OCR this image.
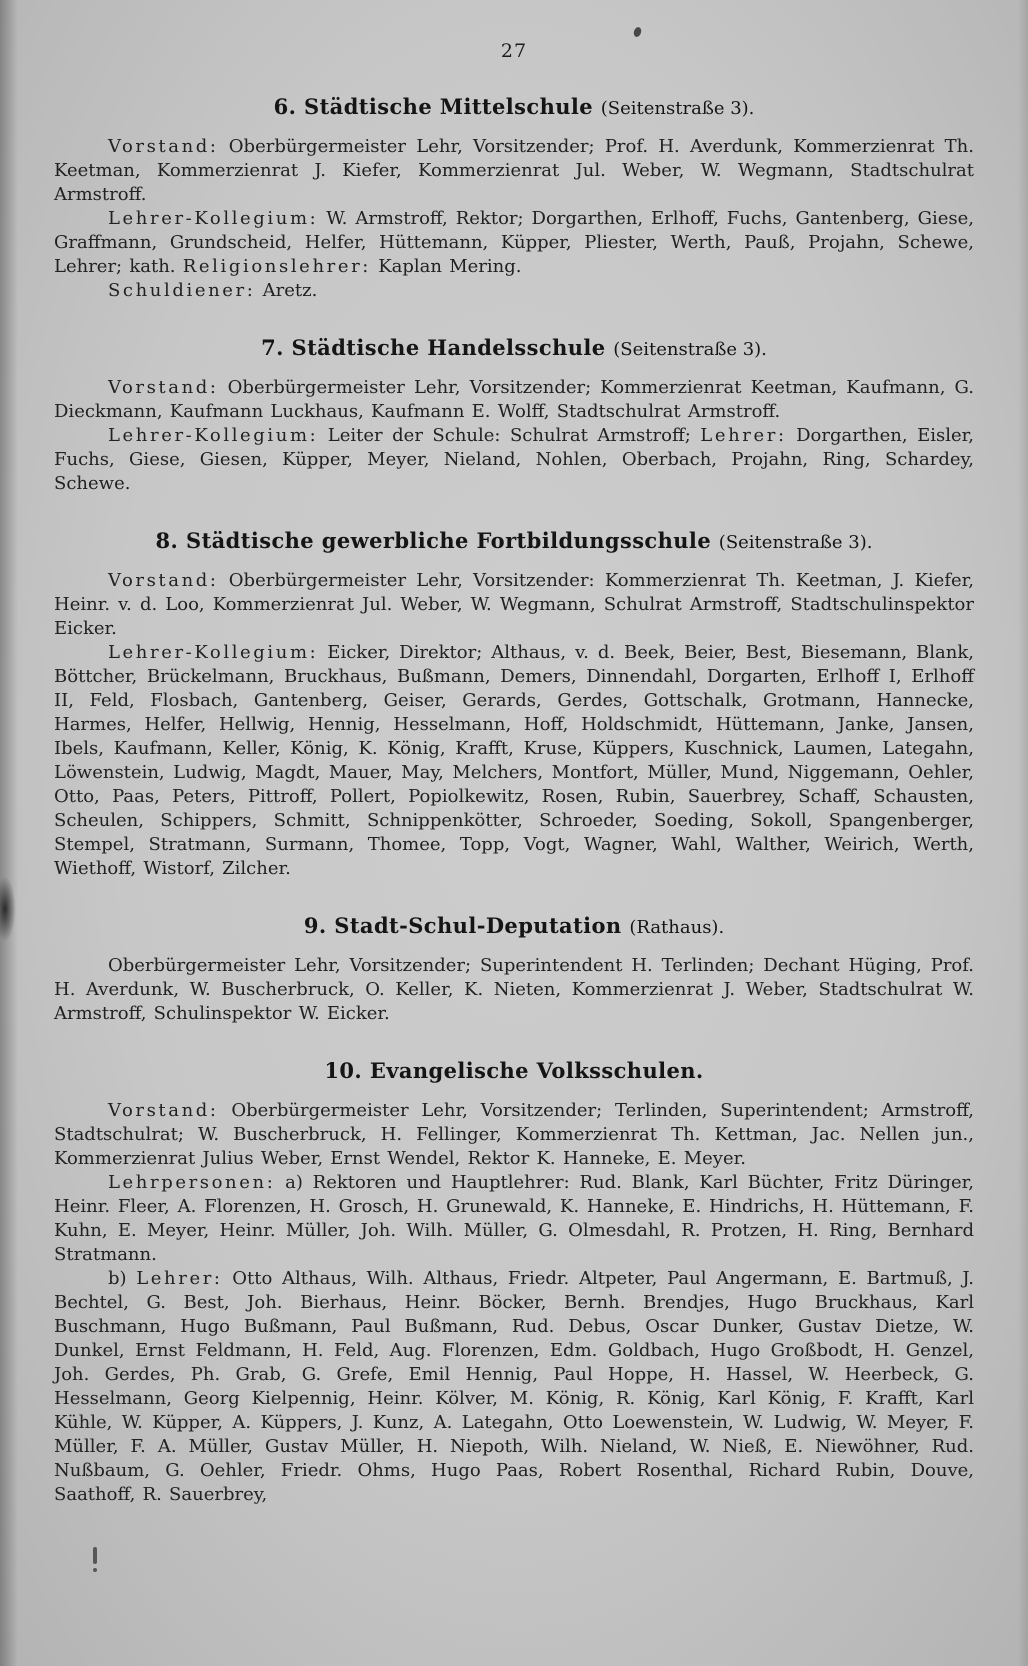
27
6. Städtische Mittelschule (Seitenstraße 3).

Vorstand: Oberbürgermeister Lehr, Vorsitzender; Prof. H. Averdunk, Kommerzienrat Th. Keetman, Kommerzienrat J. Kiefer, Kommerzienrat Jul. Weber, W. Wegmann, Stadtschulrat Armstroff.

Lehrer-Kollegium: W. Armstroff, Rektor; Dorgarthen, Erlhoff, Fuchs, Gantenberg, Giese, Graffmann, Grundscheid, Helfer, Hüttemann, Küpper, Pliester, Werth, Pauß, Projahn, Schewe, Lehrer; kath. Religionslehrer: Kaplan Mering.

Schuldiener: Aretz.

7. Städtische Handelsschule (Seitenstraße 3).

Vorstand: Oberbürgermeister Lehr, Vorsitzender; Kommerzienrat Keetman, Kaufmann, G. Dieckmann, Kaufmann Luckhaus, Kaufmann E. Wolff, Stadtschulrat Armstroff.

Lehrer-Kollegium: Leiter der Schule: Schulrat Armstroff; Lehrer: Dorgarthen, Eisler, Fuchs, Giese, Giesen, Küpper, Meyer, Nieland, Nohlen, Oberbach, Projahn, Ring, Schardey, Schewe.

8. Städtische gewerbliche Fortbildungsschule (Seitenstraße 3).

Vorstand: Oberbürgermeister Lehr, Vorsitzender: Kommerzienrat Th. Keetman, J. Kiefer, Heinr. v. d. Loo, Kommerzienrat Jul. Weber, W. Wegmann, Schulrat Armstroff, Stadtschulinspektor Eicker.

Lehrer-Kollegium: Eicker, Direktor; Althaus, v. d. Beek, Beier, Best, Biesemann, Blank, Böttcher, Brückelmann, Bruckhaus, Bußmann, Demers, Dinnendahl, Dorgarten, Erlhoff I, Erlhoff II, Feld, Flosbach, Gantenberg, Geiser, Gerards, Gerdes, Gottschalk, Grotmann, Hannecke, Harmes, Helfer, Hellwig, Hennig, Hesselmann, Hoff, Holdschmidt, Hüttemann, Janke, Jansen, Ibels, Kaufmann, Keller, König, K. König, Krafft, Kruse, Küppers, Kuschnick, Laumen, Lategahn, Löwenstein, Ludwig, Magdt, Mauer, May, Melchers, Montfort, Müller, Mund, Niggemann, Oehler, Otto, Paas, Peters, Pittroff, Pollert, Popiolkewitz, Rosen, Rubin, Sauerbrey, Schaff, Schausten, Scheulen, Schippers, Schmitt, Schnippenkötter, Schroeder, Soeding, Sokoll, Spangenberger, Stempel, Stratmann, Surmann, Thomee, Topp, Vogt, Wagner, Wahl, Walther, Weirich, Werth, Wiethoff, Wistorf, Zilcher.

9. Stadt-Schul-Deputation (Rathaus).

Oberbürgermeister Lehr, Vorsitzender; Superintendent H. Terlinden; Dechant Hüging, Prof. H. Averdunk, W. Buscherbruck, O. Keller, K. Nieten, Kommerzienrat J. Weber, Stadtschulrat W. Armstroff, Schulinspektor W. Eicker.

10. Evangelische Volksschulen.

Vorstand: Oberbürgermeister Lehr, Vorsitzender; Terlinden, Superintendent; Armstroff, Stadtschulrat; W. Buscherbruck, H. Fellinger, Kommerzienrat Th. Kettman, Jac. Nellen jun., Kommerzienrat Julius Weber, Ernst Wendel, Rektor K. Hanneke, E. Meyer.

Lehrpersonen: a) Rektoren und Hauptlehrer: Rud. Blank, Karl Büchter, Fritz Düringer, Heinr. Fleer, A. Florenzen, H. Grosch, H. Grunewald, K. Hanneke, E. Hindrichs, H. Hüttemann, F. Kuhn, E. Meyer, Heinr. Müller, Joh. Wilh. Müller, G. Olmesdahl, R. Protzen, H. Ring, Bernhard Stratmann.

b) Lehrer: Otto Althaus, Wilh. Althaus, Friedr. Altpeter, Paul Angermann, E. Bartmuß, J. Bechtel, G. Best, Joh. Bierhaus, Heinr. Böcker, Bernh. Brendjes, Hugo Bruckhaus, Karl Buschmann, Hugo Bußmann, Paul Bußmann, Rud. Debus, Oscar Dunker, Gustav Dietze, W. Dunkel, Ernst Feldmann, H. Feld, Aug. Florenzen, Edm. Goldbach, Hugo Großbodt, H. Genzel, Joh. Gerdes, Ph. Grab, G. Grefe, Emil Hennig, Paul Hoppe, H. Hassel, W. Heerbeck, G. Hesselmann, Georg Kielpennig, Heinr. Kölver, M. König, R. König, Karl König, F. Krafft, Karl Kühle, W. Küpper, A. Küppers, J. Kunz, A. Lategahn, Otto Loewenstein, W. Ludwig, W. Meyer, F. Müller, F. A. Müller, Gustav Müller, H. Niepoth, Wilh. Nieland, W. Nieß, E. Niewöhner, Rud. Nußbaum, G. Oehler, Friedr. Ohms, Hugo Paas, Robert Rosenthal, Richard Rubin, Douve, Saathoff, R. Sauerbrey,
